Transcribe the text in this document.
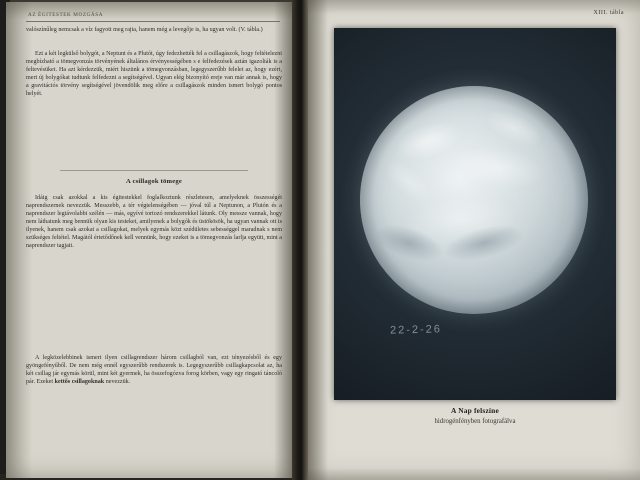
AZ ÉGITESTEK MOZGÁSA

valószínűleg nemcsak a víz fagyott meg rajta, hanem még a levegője is, ha ugyan volt. (V. tábla.)

Ezt a két legkülső bolygót, a Neptunt és a Plutót, úgy fedezhették fel a csillagászok, hogy feltételezni megbízható a tömegvonzás törvényének általános érvényességében s e felfedezések aztán igazolták is a feltevésüket. Ha azt kérdezzük, miért hiszünk a tömegvonzásban, legegyszerűbb felelet az, hogy ezért, mert új bolygókat tudtunk felfedezni a segítségével. Ugyan elég bizonyító ereje van már annak is, hogy a gravitációs törvény segítségével jövendölik meg előre a csillagászok minden ismert bolygó pontos helyét.

A csillagok tömege

Idáig csak azokkal a kis égitestekkel foglalkoztunk részletesen, amelyeknek összességét naprendszernek nevezzük. Messzebb, a tér végtelenségében — jóval túl a Neptunon, a Plutón és a naprendszer legtávolabbi szélén — más, egyívé tortozó rendszerekkel látunk. Oly messze vannak, hogy nem láthatunk meg bennük olyan kis testeket, amilyenek a bolygók és üstökösök, ha ugyan vannak ott is ilyenek, hanem csak azokat a csillagokat, melyek egymás közt szédületes sebességgel maradnak s nem szükséges feltétel. Magától értetődőnek kell vennünk, hogy ezeket is a tömegvonzás larlja együtt, mint a naprendszer tagjait.

A legközelebbinek ismert ilyen csillagrendszer három csillagból van, ezt tényezésből és egy gyöngefényűből. De nem még ennél egyszerűbb rendszerek is. Legegyszerűbb csillagkapcsolat az, ha két csillag jár egymás körül, mint két gyermek, ha összefogózva forog körben, vagy egy ringató táncoló pár. Ezeket kettős csillagoknak nevezzük.

XIII. tábla
22-2-26
A Nap felszíne
hidrogénfényben fotografálva
